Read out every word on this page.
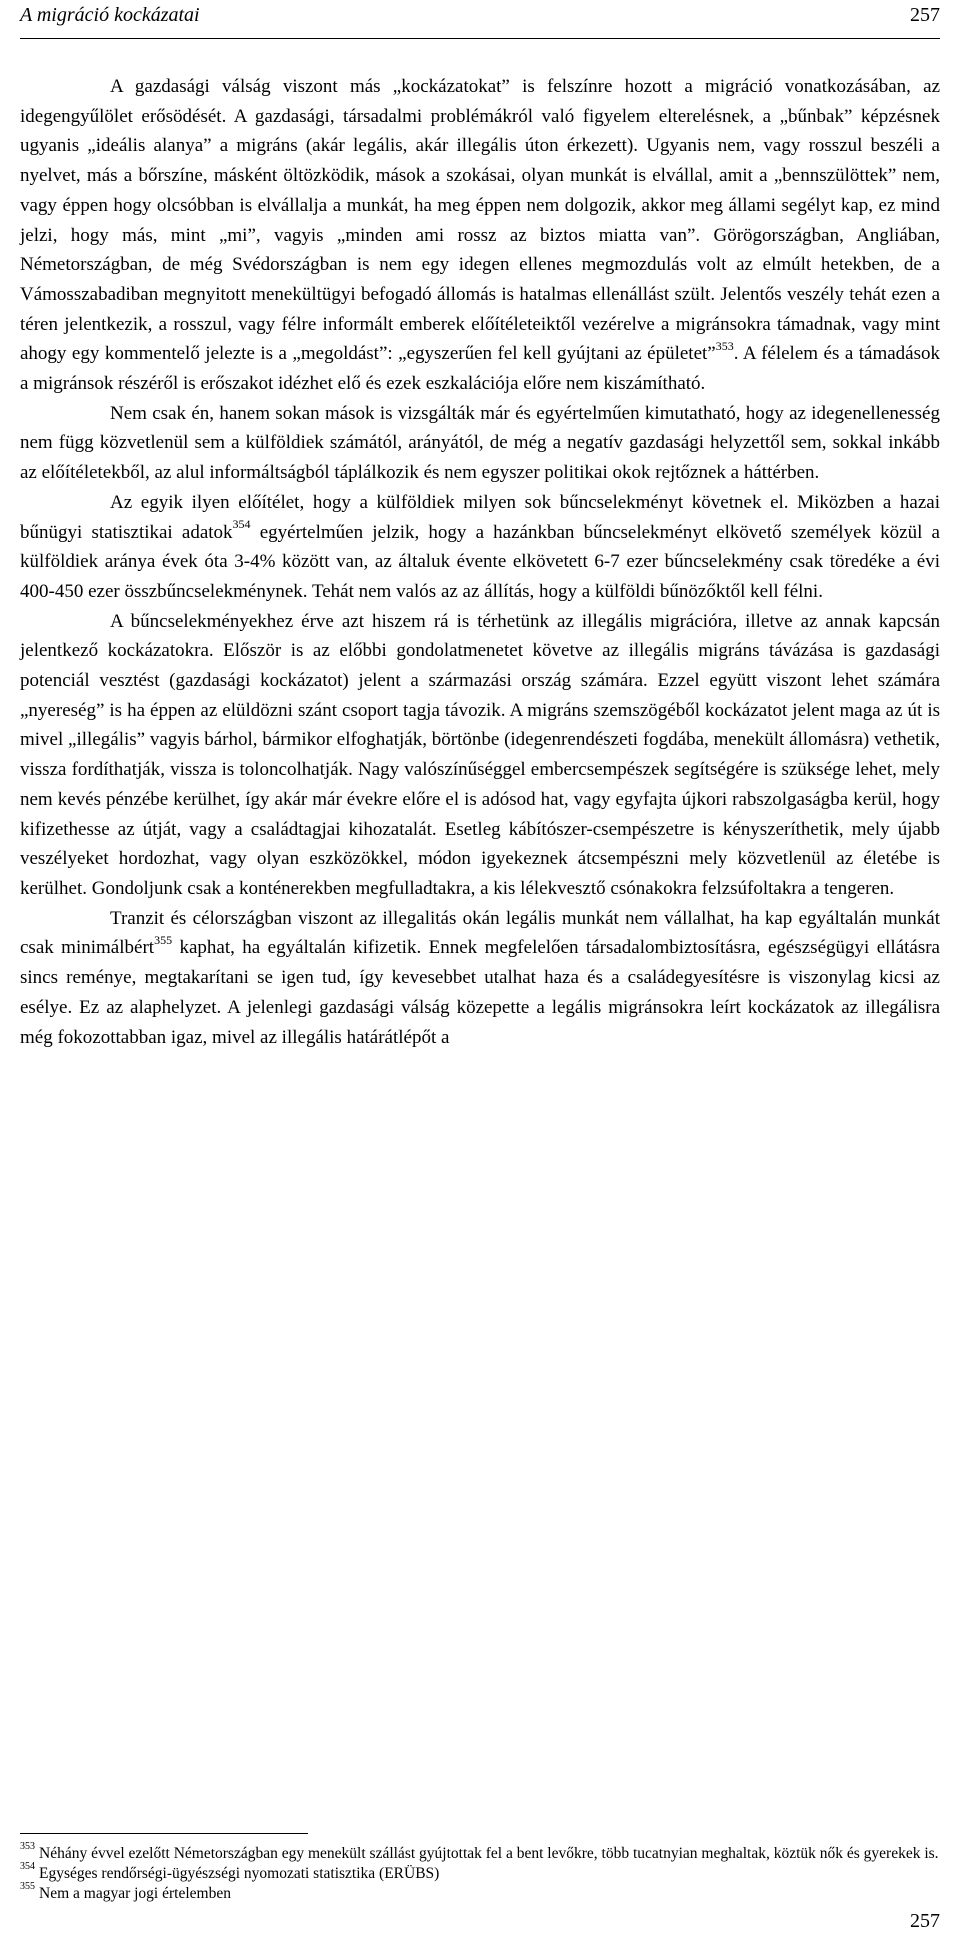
A migráció kockázatai	257

A gazdasági válság viszont más „kockázatokat” is felszínre hozott a migráció vonatkozásában, az idegengyűlölet erősödését. A gazdasági, társadalmi problémákról való figyelem elterelésnek, a „bűnbak” képzésnek ugyanis „ideális alanya” a migráns (akár legális, akár illegális úton érkezett). Ugyanis nem, vagy rosszul beszéli a nyelvet, más a bőrszíne, másként öltözködik, mások a szokásai, olyan munkát is elvállal, amit a „bennszülöttek” nem, vagy éppen hogy olcsóbban is elvállalja a munkát, ha meg éppen nem dolgozik, akkor meg állami segélyt kap, ez mind jelzi, hogy más, mint „mi”, vagyis „minden ami rossz az biztos miatta van”. Görögországban, Angliában, Németországban, de még Svédországban is nem egy idegen ellenes megmozdulás volt az elmúlt hetekben, de a Vámosszabadiban megnyitott menekültügyi befogadó állomás is hatalmas ellenállást szült. Jelentős veszély tehát ezen a téren jelentkezik, a rosszul, vagy félre informált emberek előítéleteiktől vezérelve a migránsokra támadnak, vagy mint ahogy egy kommentelő jelezte is a „megoldást”: „egyszerűen fel kell gyújtani az épületet”$^{353}$. A félelem és a támadások a migránsok részéről is erőszakot idézhet elő és ezek eszkalációja előre nem kiszámítható.

Nem csak én, hanem sokan mások is vizsgálták már és egyértelműen kimutatható, hogy az idegenellenesség nem függ közvetlenül sem a külföldiek számától, arányától, de még a negatív gazdasági helyzettől sem, sokkal inkább az előítéletekből, az alul informáltságból táplálkozik és nem egyszer politikai okok rejtőznek a háttérben.

Az egyik ilyen előítélet, hogy a külföldiek milyen sok bűncselekményt követnek el. Miközben a hazai bűnügyi statisztikai adatok$^{354}$ egyértelműen jelzik, hogy a hazánkban bűncselekményt elkövető személyek közül a külföldiek aránya évek óta 3-4% között van, az általuk évente elkövetett 6-7 ezer bűncselekmény csak töredéke a évi 400-450 ezer összbűncselekménynek. Tehát nem valós az az állítás, hogy a külföldi bűnözőktől kell félni.

A bűncselekményekhez érve azt hiszem rá is térhetünk az illegális migrációra, illetve az annak kapcsán jelentkező kockázatokra. Először is az előbbi gondolatmenetet követve az illegális migráns távázása is gazdasági potenciál vesztést (gazdasági kockázatot) jelent a származási ország számára. Ezzel együtt viszont lehet számára „nyereség” is ha éppen az elüldözni szánt csoport tagja távozik. A migráns szemszögéből kockázatot jelent maga az út is mivel „illegális” vagyis bárhol, bármikor elfoghatják, börtönbe (idegenrendészeti fogdába, menekült állomásra) vethetik, vissza fordíthatják, vissza is toloncolhatják. Nagy valószínűséggel embercsempészek segítségére is szüksége lehet, mely nem kevés pénzébe kerülhet, így akár már évekre előre el is adósod hat, vagy egyfajta újkori rabszolgaságba kerül, hogy kifizethesse az útját, vagy a családtagjai kihozatalát. Esetleg kábítószer-csempészetre is kényszeríthetik, mely újabb veszélyeket hordozhat, vagy olyan eszközökkel, módon igyekeznek átcsempészni mely közvetlenül az életébe is kerülhet. Gondoljunk csak a konténerekben megfulladtakra, a kis lélekvesztő csónakokra felzsúfoltakra a tengeren.

Tranzit és célországban viszont az illegalitás okán legális munkát nem vállalhat, ha kap egyáltalán munkát csak minimálbért$^{355}$ kaphat, ha egyáltalán kifizetik. Ennek megfelelően társadalombiztosításra, egészségügyi ellátásra sincs reménye, megtakarítani se igen tud, így kevesebbet utalhat haza és a családegyesítésre is viszonylag kicsi az esélye. Ez az alaphelyzet. A jelenlegi gazdasági válság közepette a legális migránsokra leírt kockázatok az illegálisra még fokozottabban igaz, mivel az illegális határátlépőt a

$^{353}$ Néhány évvel ezelőtt Németországban egy menekült szállást gyújtottak fel a bent levőkre, több tucatnyian meghaltak, köztük nők és gyerekek is.
$^{354}$ Egységes rendőrségi-ügyészségi nyomozati statisztika (ERÜBS)
$^{355}$ Nem a magyar jogi értelemben
257
